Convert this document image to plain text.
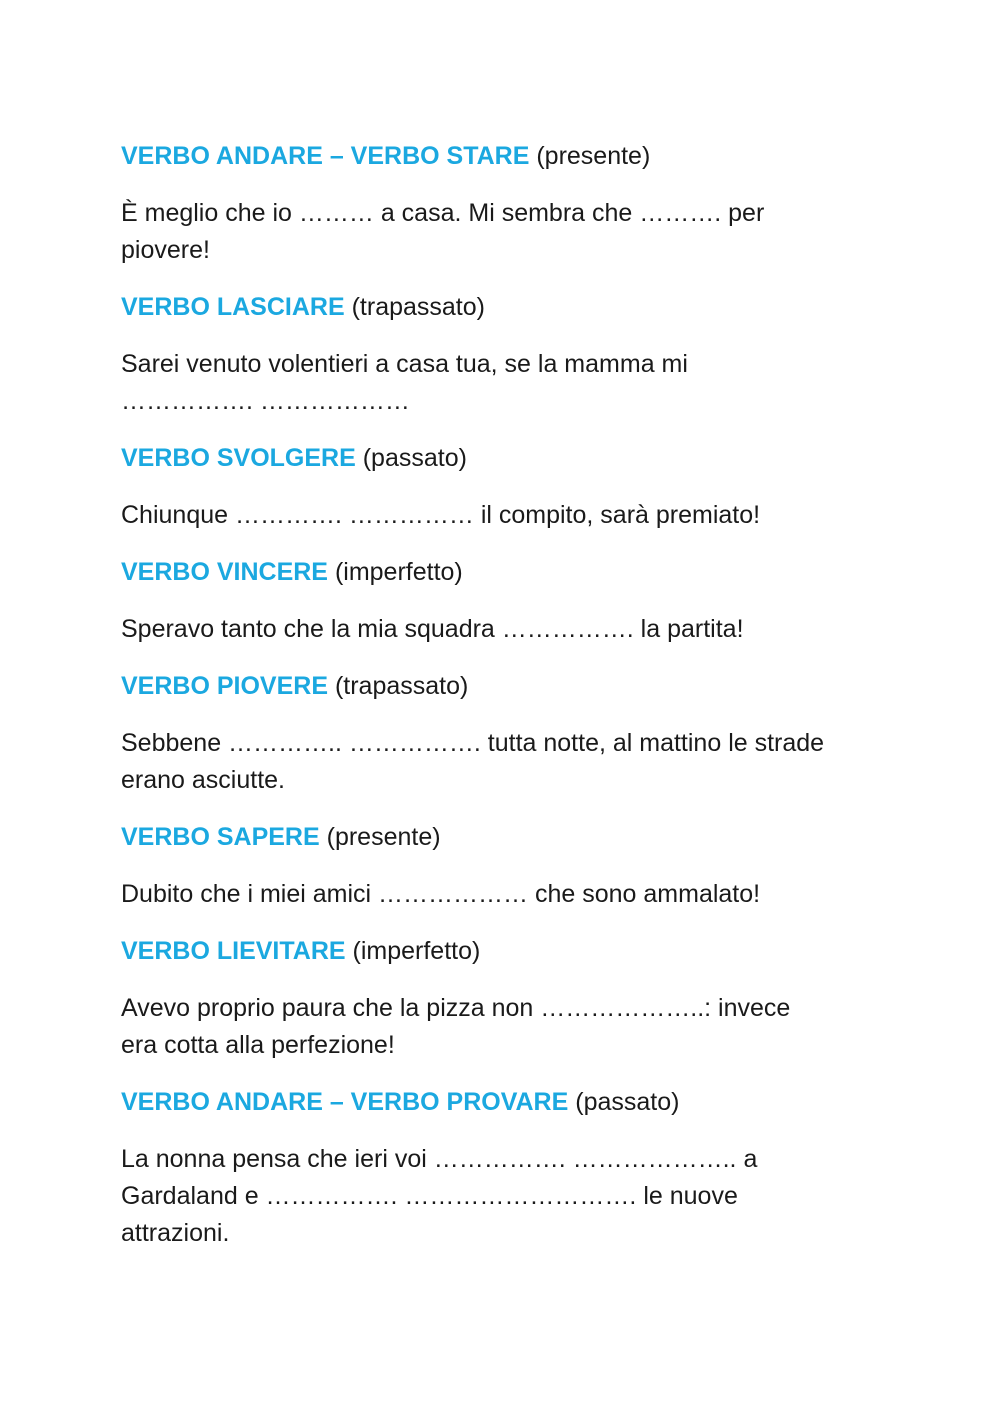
VERBO ANDARE – VERBO STARE (presente)

È meglio che io ……… a casa. Mi sembra che ………. per
piovere!

VERBO LASCIARE (trapassato)

Sarei venuto volentieri a casa tua, se la mamma mi
……………. ………………

VERBO SVOLGERE (passato)

Chiunque …………. …………… il compito, sarà premiato!

VERBO VINCERE (imperfetto)

Speravo tanto che la mia squadra ……………. la partita!

VERBO PIOVERE (trapassato)

Sebbene ………….. ……………. tutta notte, al mattino le strade
erano asciutte.

VERBO SAPERE (presente)

Dubito che i miei amici ……………… che sono ammalato!

VERBO LIEVITARE (imperfetto)

Avevo proprio paura che la pizza non ………………..: invece
era cotta alla perfezione!

VERBO ANDARE – VERBO PROVARE (passato)

La nonna pensa che ieri voi ……………. ……………….. a
Gardaland e ……………. ………………………. le nuove
attrazioni.
